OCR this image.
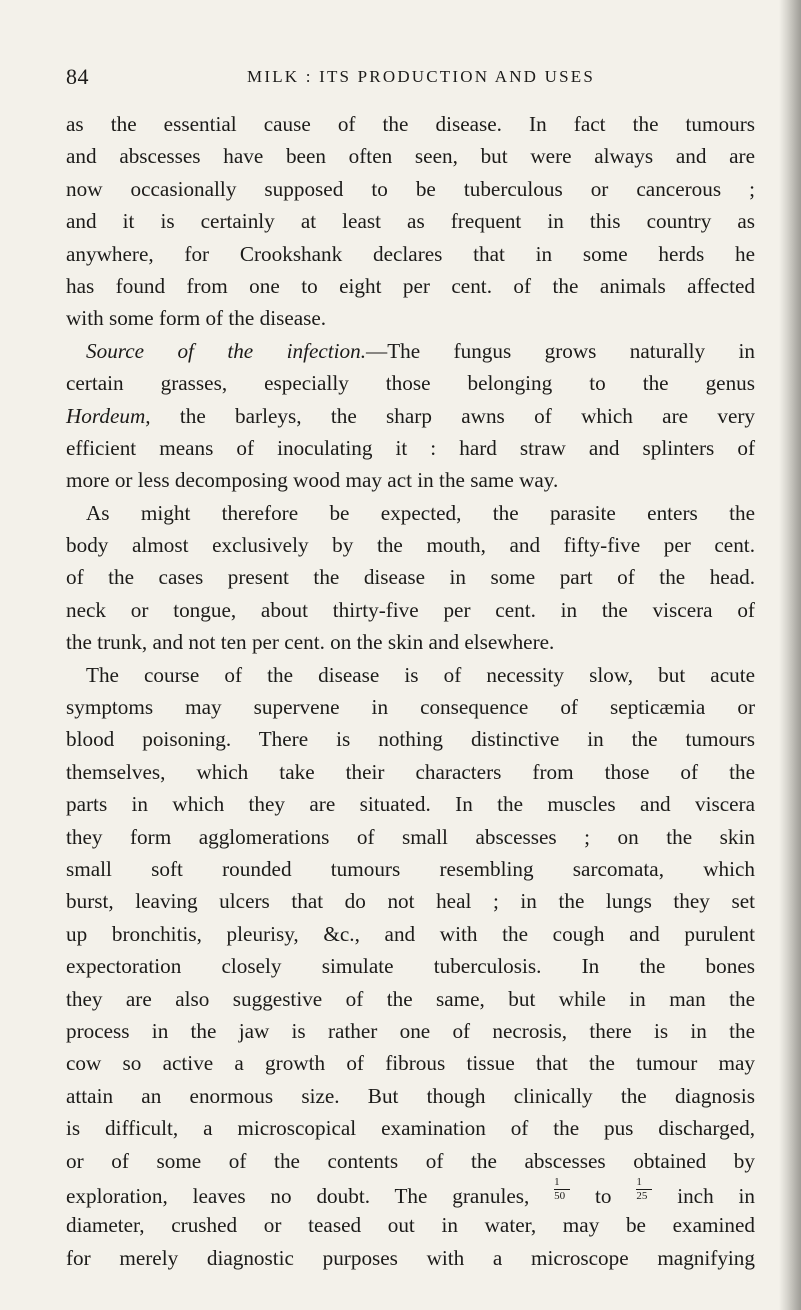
84	MILK : ITS PRODUCTION AND USES
as the essential cause of the disease. In fact the tumours
and abscesses have been often seen, but were always and are
now occasionally supposed to be tuberculous or cancerous ;
and it is certainly at least as frequent in this country as
anywhere, for Crookshank declares that in some herds he
has found from one to eight per cent. of the animals affected
with some form of the disease.
Source of the infection.—The fungus grows naturally in
certain grasses, especially those belonging to the genus
Hordeum, the barleys, the sharp awns of which are very
efficient means of inoculating it : hard straw and splinters of
more or less decomposing wood may act in the same way.
As might therefore be expected, the parasite enters the
body almost exclusively by the mouth, and fifty-five per cent.
of the cases present the disease in some part of the head.
neck or tongue, about thirty-five per cent. in the viscera of
the trunk, and not ten per cent. on the skin and elsewhere.
The course of the disease is of necessity slow, but acute
symptoms may supervene in consequence of septicæmia or
blood poisoning. There is nothing distinctive in the tumours
themselves, which take their characters from those of the
parts in which they are situated. In the muscles and viscera
they form agglomerations of small abscesses ; on the skin
small soft rounded tumours resembling sarcomata, which
burst, leaving ulcers that do not heal ; in the lungs they set
up bronchitis, pleurisy, &c., and with the cough and purulent
expectoration closely simulate tuberculosis. In the bones
they are also suggestive of the same, but while in man the
process in the jaw is rather one of necrosis, there is in the
cow so active a growth of fibrous tissue that the tumour may
attain an enormous size. But though clinically the diagnosis
is difficult, a microscopical examination of the pus discharged,
or of some of the contents of the abscesses obtained by
exploration, leaves no doubt. The granules, $\frac{1}{50}$ to $\frac{1}{25}$ inch in
diameter, crushed or teased out in water, may be examined
for merely diagnostic purposes with a microscope magnifying
